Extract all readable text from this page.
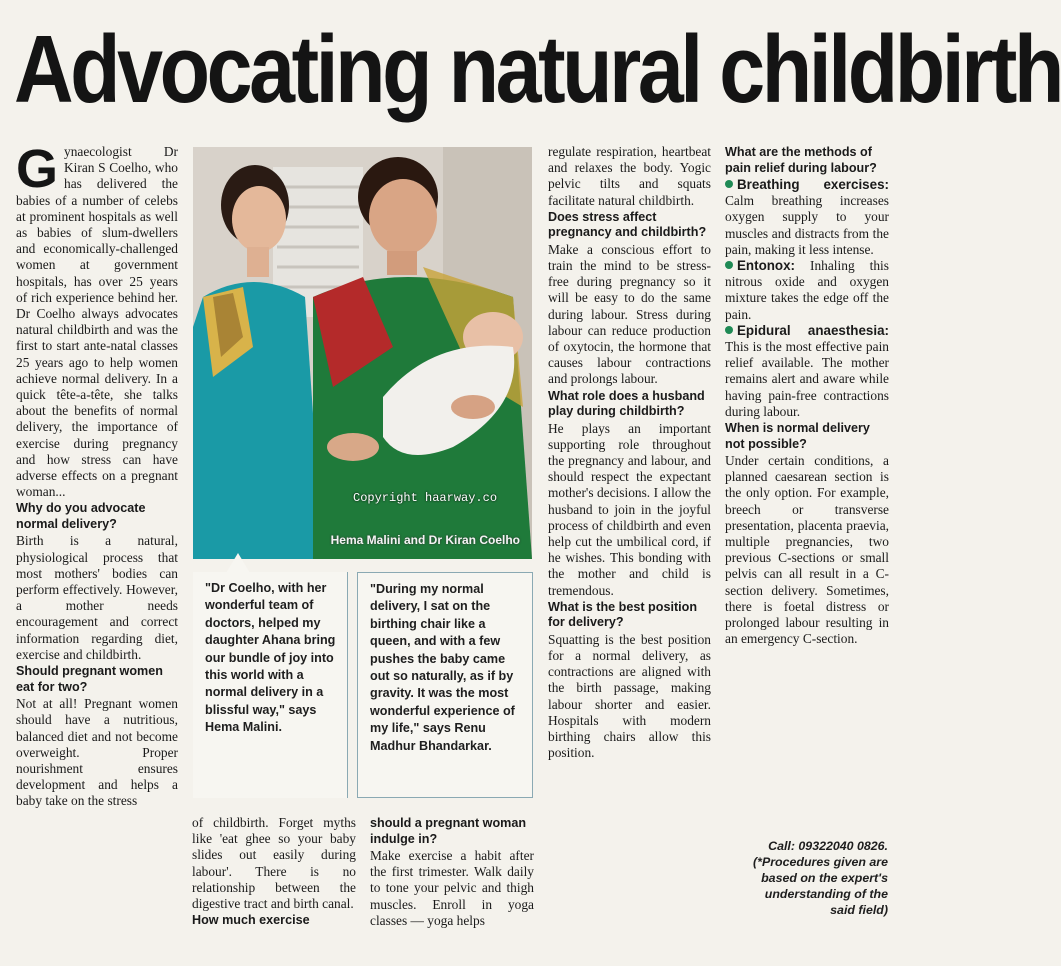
Advocating natural childbirth

Gynaecologist Dr Kiran S Coelho, who has delivered the babies of a number of celebs at prominent hospitals as well as babies of slum-dwellers and economically-challenged women at government hospitals, has over 25 years of rich experience behind her. Dr Coelho always advocates natural childbirth and was the first to start ante-natal classes 25 years ago to help women achieve normal delivery. In a quick tête-a-tête, she talks about the benefits of normal delivery, the importance of exercise during pregnancy and how stress can have adverse effects on a pregnant woman...

Why do you advocate normal delivery?

Birth is a natural, physiological process that most mothers' bodies can perform effectively. However, a mother needs encouragement and correct information regarding diet, exercise and childbirth.

Should pregnant women eat for two?

Not at all! Pregnant women should have a nutritious, balanced diet and not become overweight. Proper nourishment ensures development and helps a baby take on the stress

Copyright haarway.co
Hema Malini and Dr Kiran Coelho
"Dr Coelho, with her wonderful team of doctors, helped my daughter Ahana bring our bundle of joy into this world with a normal delivery in a blissful way," says Hema Malini.
"During my normal delivery, I sat on the birthing chair like a queen, and with a few pushes the baby came out so naturally, as if by gravity. It was the most wonderful experience of my life," says Renu Madhur Bhandarkar.

of childbirth. Forget myths like 'eat ghee so your baby slides out easily during labour'. There is no relationship between the digestive tract and birth canal.

How much exercise
should a pregnant woman indulge in?

Make exercise a habit after the first trimester. Walk daily to tone your pelvic and thigh muscles. Enroll in yoga classes — yoga helps

regulate respiration, heartbeat and relaxes the body. Yogic pelvic tilts and squats facilitate natural childbirth.

Does stress affect pregnancy and childbirth?

Make a conscious effort to train the mind to be stress-free during pregnancy so it will be easy to do the same during labour. Stress during labour can reduce production of oxytocin, the hormone that causes labour contractions and prolongs labour.

What role does a husband play during childbirth?

He plays an important supporting role throughout the pregnancy and labour, and should respect the expectant mother's decisions. I allow the husband to join in the joyful process of childbirth and even help cut the umbilical cord, if he wishes. This bonding with the mother and child is tremendous.

What is the best position for delivery?

Squatting is the best position for a normal delivery, as contractions are aligned with the birth passage, making labour shorter and easier. Hospitals with modern birthing chairs allow this position.

What are the methods of pain relief during labour?

Breathing exercises: Calm breathing increases oxygen supply to your muscles and distracts from the pain, making it less intense.

Entonox: Inhaling this nitrous oxide and oxygen mixture takes the edge off the pain.

Epidural anaesthesia: This is the most effective pain relief available. The mother remains alert and aware while having pain-free contractions during labour.

When is normal delivery not possible?

Under certain conditions, a planned caesarean section is the only option. For example, breech or transverse presentation, placenta praevia, multiple pregnancies, two previous C-sections or small pelvis can all result in a C-section delivery. Sometimes, there is foetal distress or prolonged labour resulting in an emergency C-section.

Call: 09322040 0826.
(*Procedures given are based on the expert's understanding of the said field)
